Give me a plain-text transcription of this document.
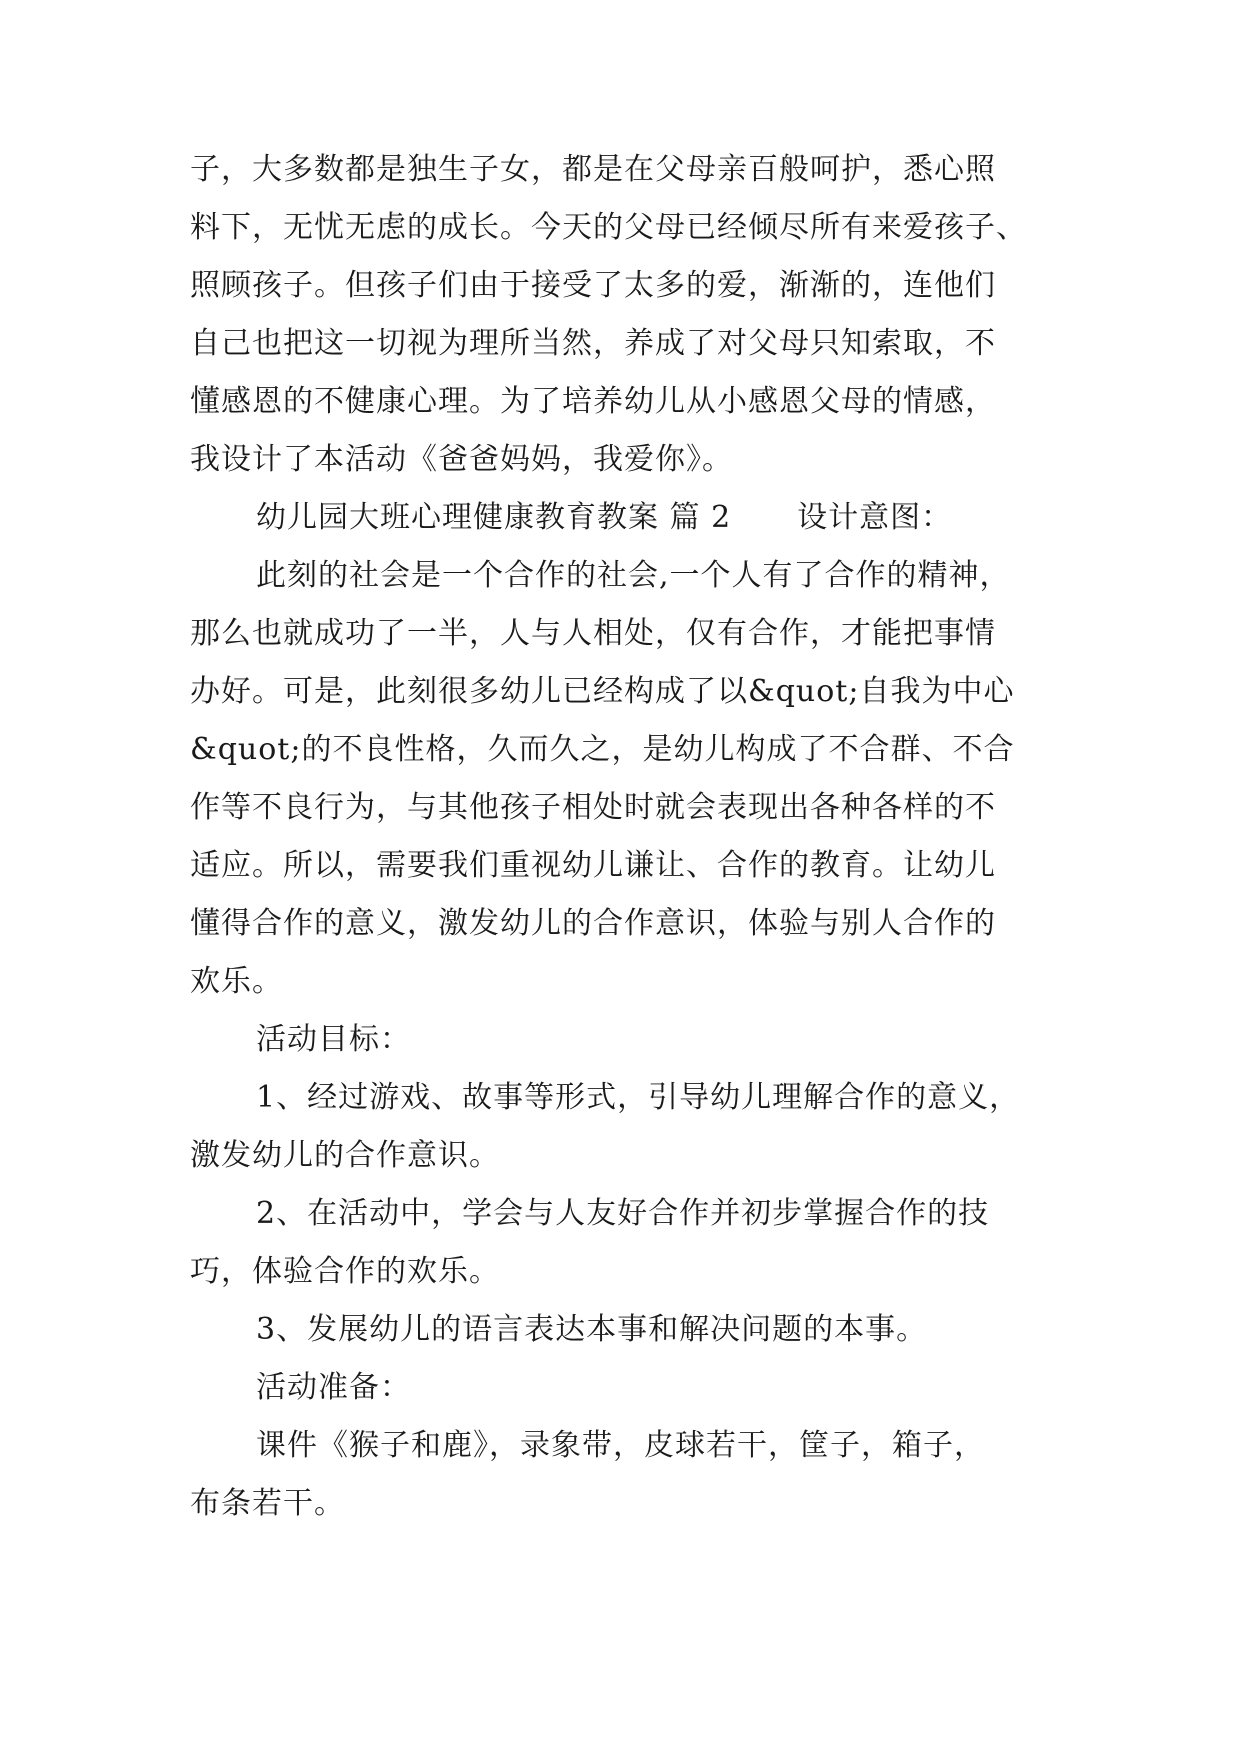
子，大多数都是独生子女，都是在父母亲百般呵护，悉心照
料下，无忧无虑的成长。今天的父母已经倾尽所有来爱孩子、
照顾孩子。但孩子们由于接受了太多的爱，渐渐的，连他们
自己也把这一切视为理所当然，养成了对父母只知索取，不
懂感恩的不健康心理。为了培养幼儿从小感恩父母的情感，
我设计了本活动《爸爸妈妈，我爱你》。
幼儿园大班心理健康教育教案 篇 2 设计意图：
此刻的社会是一个合作的社会,一个人有了合作的精神，
那么也就成功了一半，人与人相处，仅有合作，才能把事情
办好。可是，此刻很多幼儿已经构成了以&quot;自我为中心
&quot;的不良性格，久而久之，是幼儿构成了不合群、不合
作等不良行为，与其他孩子相处时就会表现出各种各样的不
适应。所以，需要我们重视幼儿谦让、合作的教育。让幼儿
懂得合作的意义，激发幼儿的合作意识，体验与别人合作的
欢乐。
活动目标：
1、经过游戏、故事等形式，引导幼儿理解合作的意义，
激发幼儿的合作意识。
2、在活动中，学会与人友好合作并初步掌握合作的技
巧，体验合作的欢乐。
3、发展幼儿的语言表达本事和解决问题的本事。
活动准备：
课件《猴子和鹿》，录象带，皮球若干，筐子，箱子，
布条若干。
